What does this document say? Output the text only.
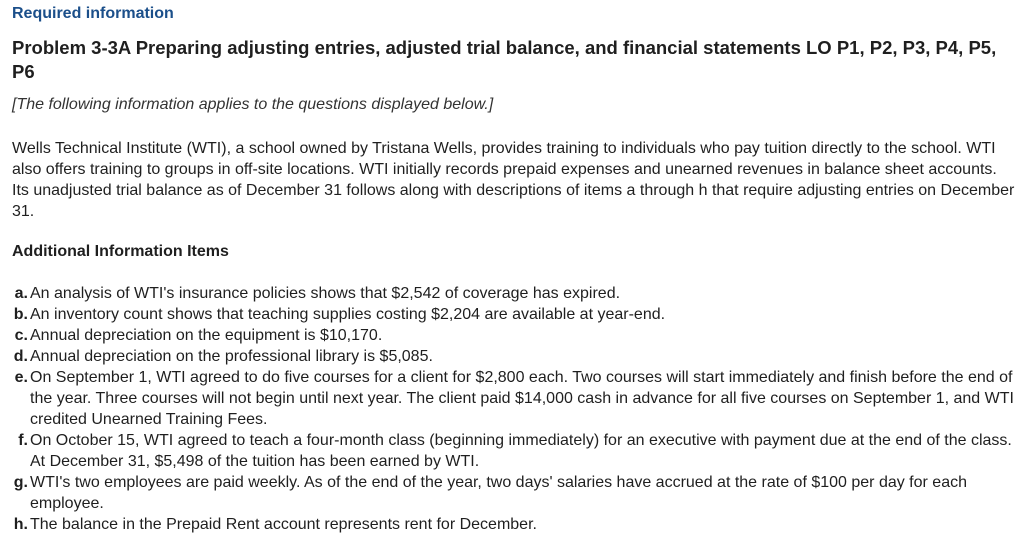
Required information
Problem 3-3A Preparing adjusting entries, adjusted trial balance, and financial statements LO P1, P2, P3, P4, P5, P6
[The following information applies to the questions displayed below.]
Wells Technical Institute (WTI), a school owned by Tristana Wells, provides training to individuals who pay tuition directly to the school. WTI also offers training to groups in off-site locations. WTI initially records prepaid expenses and unearned revenues in balance sheet accounts. Its unadjusted trial balance as of December 31 follows along with descriptions of items a through h that require adjusting entries on December 31.
Additional Information Items
a. An analysis of WTI's insurance policies shows that $2,542 of coverage has expired.
b. An inventory count shows that teaching supplies costing $2,204 are available at year-end.
c. Annual depreciation on the equipment is $10,170.
d. Annual depreciation on the professional library is $5,085.
e. On September 1, WTI agreed to do five courses for a client for $2,800 each. Two courses will start immediately and finish before the end of the year. Three courses will not begin until next year. The client paid $14,000 cash in advance for all five courses on September 1, and WTI credited Unearned Training Fees.
f. On October 15, WTI agreed to teach a four-month class (beginning immediately) for an executive with payment due at the end of the class. At December 31, $5,498 of the tuition has been earned by WTI.
g. WTI's two employees are paid weekly. As of the end of the year, two days' salaries have accrued at the rate of $100 per day for each employee.
h. The balance in the Prepaid Rent account represents rent for December.
